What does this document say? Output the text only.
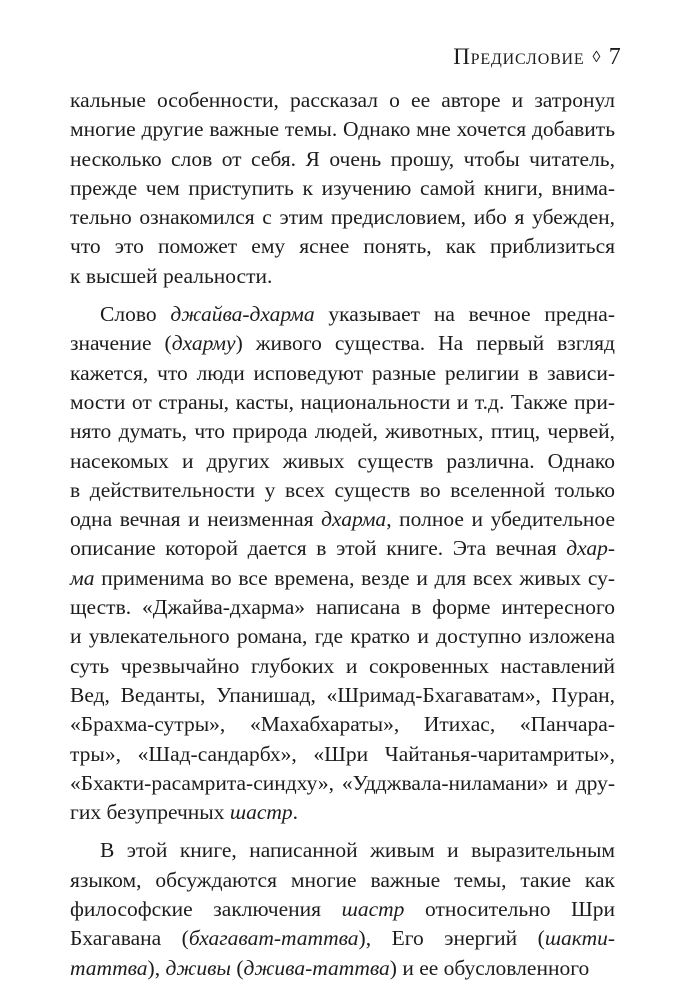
Предисловие ◊ 7
кальные особенности, рассказал о ее авторе и затронул
многие другие важные темы. Однако мне хочется добавить
несколько слов от себя. Я очень прошу, чтобы читатель,
прежде чем приступить к изучению самой книги, внима-
тельно ознакомился с этим предисловием, ибо я убежден,
что это поможет ему яснее понять, как приблизиться
к высшей реальности.
Слово джайва-дхарма указывает на вечное предна-
значение (дхарму) живого существа. На первый взгляд
кажется, что люди исповедуют разные религии в зависи-
мости от страны, касты, национальности и т.д. Также при-
нято думать, что природа людей, животных, птиц, червей,
насекомых и других живых существ различна. Однако
в действительности у всех существ во вселенной только
одна вечная и неизменная дхарма, полное и убедительное
описание которой дается в этой книге. Эта вечная дхар-
ма применима во все времена, везде и для всех живых су-
ществ. «Джайва-дхарма» написана в форме интересного
и увлекательного романа, где кратко и доступно изложена
суть чрезвычайно глубоких и сокровенных наставлений
Вед, Веданты, Упанишад, «Шримад-Бхагаватам», Пуран,
«Брахма-сутры», «Махабхараты», Итихас, «Панчара-
тры», «Шад-сандарбх», «Шри Чайтанья-чаритамриты»,
«Бхакти-расамрита-синдху», «Удджвала-ниламани» и дру-
гих безупречных шастр.
В этой книге, написанной живым и выразительным
языком, обсуждаются многие важные темы, такие как
философские заключения шастр относительно Шри
Бхагавана (бхагават-таттва), Его энергий (шакти-
таттва), дживы (джива-таттва) и ее обусловленного
